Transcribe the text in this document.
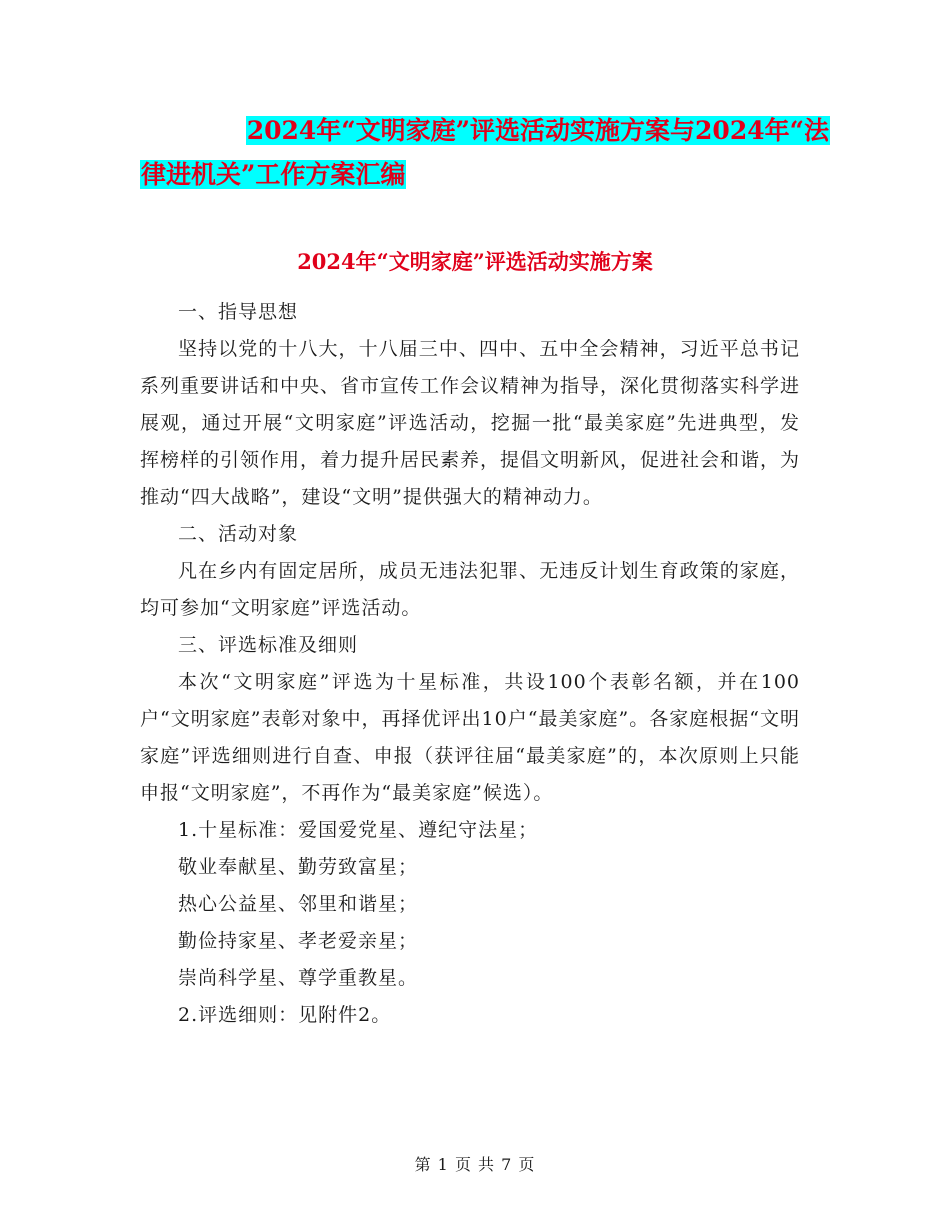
2024年“文明家庭”评选活动实施方案与2024年“法
律进机关”工作方案汇编
2024年“文明家庭”评选活动实施方案

一、指导思想

坚持以党的十八大，十八届三中、四中、五中全会精神，习近平总书记系列重要讲话和中央、省市宣传工作会议精神为指导，深化贯彻落实科学进展观，通过开展“文明家庭”评选活动，挖掘一批“最美家庭”先进典型，发挥榜样的引领作用，着力提升居民素养，提倡文明新风，促进社会和谐，为推动“四大战略”，建设“文明”提供强大的精神动力。

二、活动对象

凡在乡内有固定居所，成员无违法犯罪、无违反计划生育政策的家庭，均可参加“文明家庭”评选活动。

三、评选标准及细则

本次“文明家庭”评选为十星标准，共设100个表彰名额，并在100户“文明家庭”表彰对象中，再择优评出10户“最美家庭”。各家庭根据“文明家庭”评选细则进行自查、申报（获评往届“最美家庭”的，本次原则上只能申报“文明家庭”，不再作为“最美家庭”候选）。

1.十星标准：爱国爱党星、遵纪守法星；

敬业奉献星、勤劳致富星；

热心公益星、邻里和谐星；

勤俭持家星、孝老爱亲星；

崇尚科学星、尊学重教星。

2.评选细则：见附件2。

第 1 页 共 7 页
